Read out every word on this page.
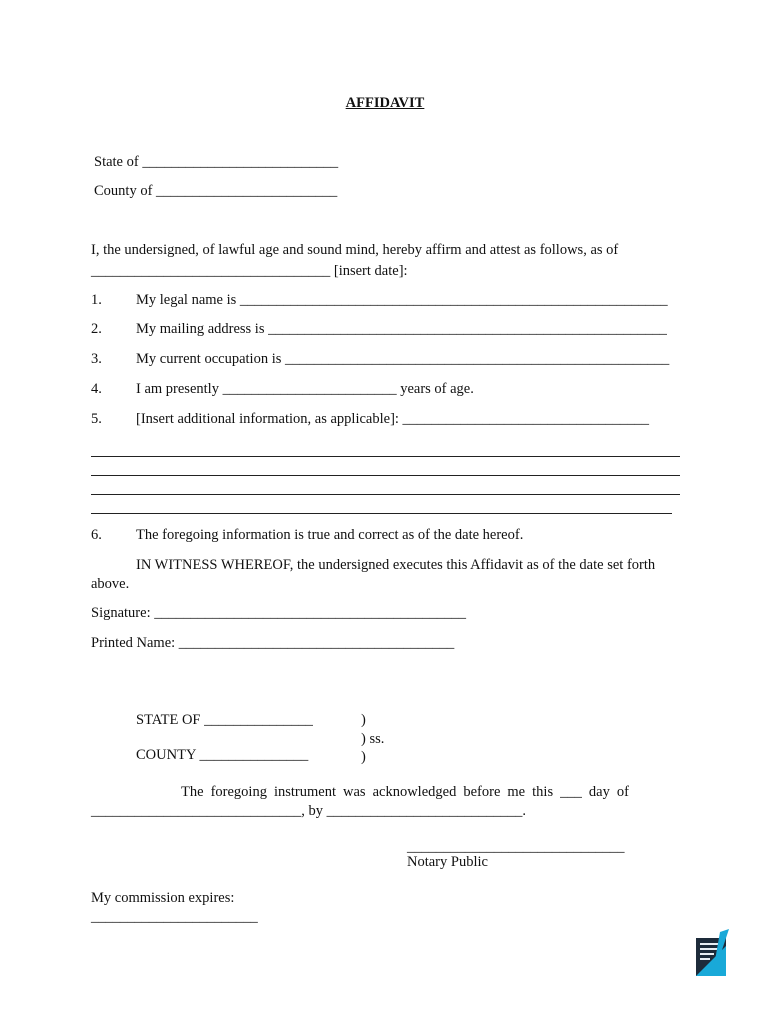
AFFIDAVIT
State of ___________________________
County of _________________________
I, the undersigned, of lawful age and sound mind, hereby affirm and attest as follows, as of
_________________________________ [insert date]:
1. My legal name is ___________________________________________________________
2. My mailing address is _______________________________________________________
3. My current occupation is _____________________________________________________
4. I am presently ________________________ years of age.
5. [Insert additional information, as applicable]: __________________________________
6. The foregoing information is true and correct as of the date hereof.
IN WITNESS WHEREOF, the undersigned executes this Affidavit as of the date set forth
above.
Signature: ___________________________________________
Printed Name: ______________________________________
STATE OF _______________
COUNTY _______________
)
) ss.
)
The foregoing instrument was acknowledged before me this ___ day of
_____________________________, by ___________________________.
______________________________
Notary Public
My commission expires:
_______________________
